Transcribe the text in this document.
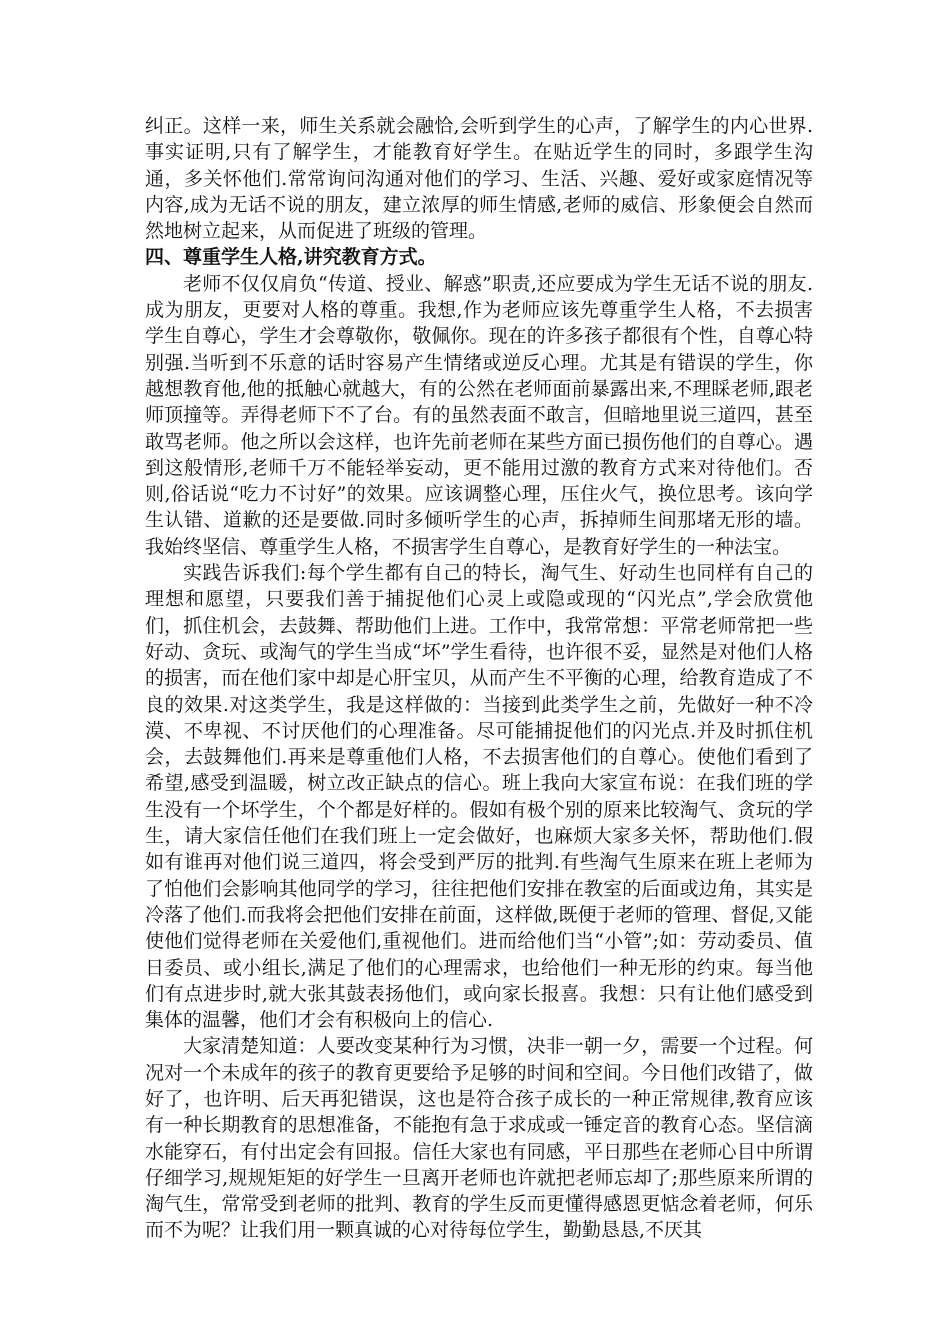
纠正。这样一来，师生关系就会融恰,会听到学生的心声，了解学生的内心世界.事实证明,只有了解学生，才能教育好学生。在贴近学生的同时，多跟学生沟通，多关怀他们.常常询问沟通对他们的学习、生活、兴趣、爱好或家庭情况等内容,成为无话不说的朋友，建立浓厚的师生情感,老师的威信、形象便会自然而然地树立起来，从而促进了班级的管理。

四、尊重学生人格,讲究教育方式。

老师不仅仅肩负“传道、授业、解惑”职责,还应要成为学生无话不说的朋友.成为朋友，更要对人格的尊重。我想,作为老师应该先尊重学生人格，不去损害学生自尊心，学生才会尊敬你，敬佩你。现在的许多孩子都很有个性，自尊心特别强.当听到不乐意的话时容易产生情绪或逆反心理。尤其是有错误的学生，你越想教育他,他的抵触心就越大，有的公然在老师面前暴露出来,不理睬老师,跟老师顶撞等。弄得老师下不了台。有的虽然表面不敢言，但暗地里说三道四，甚至敢骂老师。他之所以会这样，也许先前老师在某些方面已损伤他们的自尊心。遇到这般情形,老师千万不能轻举妄动，更不能用过激的教育方式来对待他们。否则,俗话说“吃力不讨好”的效果。应该调整心理，压住火气，换位思考。该向学生认错、道歉的还是要做.同时多倾听学生的心声，拆掉师生间那堵无形的墙。我始终坚信、尊重学生人格，不损害学生自尊心，是教育好学生的一种法宝。

实践告诉我们:每个学生都有自己的特长，淘气生、好动生也同样有自己的理想和愿望，只要我们善于捕捉他们心灵上或隐或现的“闪光点”,学会欣赏他们，抓住机会，去鼓舞、帮助他们上进。工作中，我常常想：平常老师常把一些好动、贪玩、或淘气的学生当成“坏”学生看待，也许很不妥，显然是对他们人格的损害，而在他们家中却是心肝宝贝，从而产生不平衡的心理，给教育造成了不良的效果.对这类学生，我是这样做的：当接到此类学生之前，先做好一种不冷漠、不卑视、不讨厌他们的心理准备。尽可能捕捉他们的闪光点.并及时抓住机会，去鼓舞他们.再来是尊重他们人格，不去损害他们的自尊心。使他们看到了希望,感受到温暖，树立改正缺点的信心。班上我向大家宣布说：在我们班的学生没有一个坏学生，个个都是好样的。假如有极个别的原来比较淘气、贪玩的学生，请大家信任他们在我们班上一定会做好，也麻烦大家多关怀，帮助他们.假如有谁再对他们说三道四，将会受到严厉的批判.有些淘气生原来在班上老师为了怕他们会影响其他同学的学习，往往把他们安排在教室的后面或边角，其实是冷落了他们.而我将会把他们安排在前面，这样做,既便于老师的管理、督促,又能使他们觉得老师在关爱他们,重视他们。进而给他们当“小管”;如：劳动委员、值日委员、或小组长,满足了他们的心理需求，也给他们一种无形的约束。每当他们有点进步时,就大张其鼓表扬他们，或向家长报喜。我想：只有让他们感受到集体的温馨，他们才会有积极向上的信心.

大家清楚知道：人要改变某种行为习惯，决非一朝一夕，需要一个过程。何况对一个未成年的孩子的教育更要给予足够的时间和空间。今日他们改错了，做好了，也许明、后天再犯错误，这也是符合孩子成长的一种正常规律,教育应该有一种长期教育的思想准备，不能抱有急于求成或一锤定音的教育心态。坚信滴水能穿石，有付出定会有回报。信任大家也有同感，平日那些在老师心目中所谓仔细学习,规规矩矩的好学生一旦离开老师也许就把老师忘却了;那些原来所谓的淘气生，常常受到老师的批判、教育的学生反而更懂得感恩更惦念着老师，何乐而不为呢？让我们用一颗真诚的心对待每位学生，勤勤恳恳,不厌其
